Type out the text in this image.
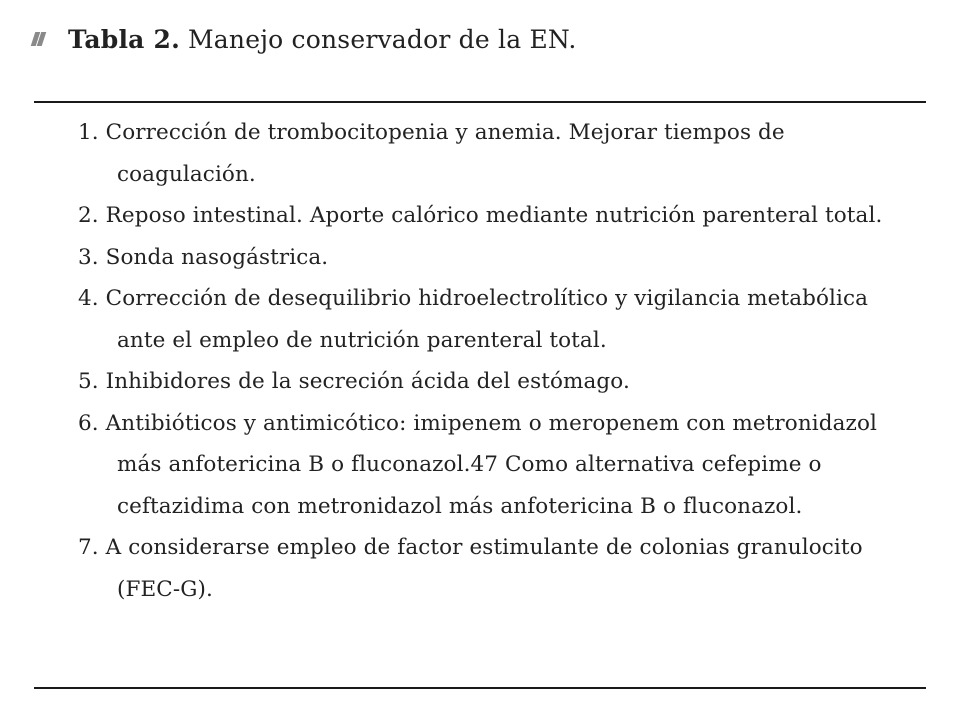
Tabla 2. Manejo conservador de la EN.
1. Corrección de trombocitopenia y anemia. Mejorar tiempos de coagulación.
2. Reposo intestinal. Aporte calórico mediante nutrición parenteral total.
3. Sonda nasogástrica.
4. Corrección de desequilibrio hidroelectrolítico y vigilancia metabólica ante el empleo de nutrición parenteral total.
5. Inhibidores de la secreción ácida del estómago.
6. Antibióticos y antimicótico: imipenem o meropenem con metronidazol más anfotericina B o fluconazol.47 Como alternativa cefepime o ceftazidima con metronidazol más anfotericina B o fluconazol.
7. A considerarse empleo de factor estimulante de colonias granulocito (FEC-G).
